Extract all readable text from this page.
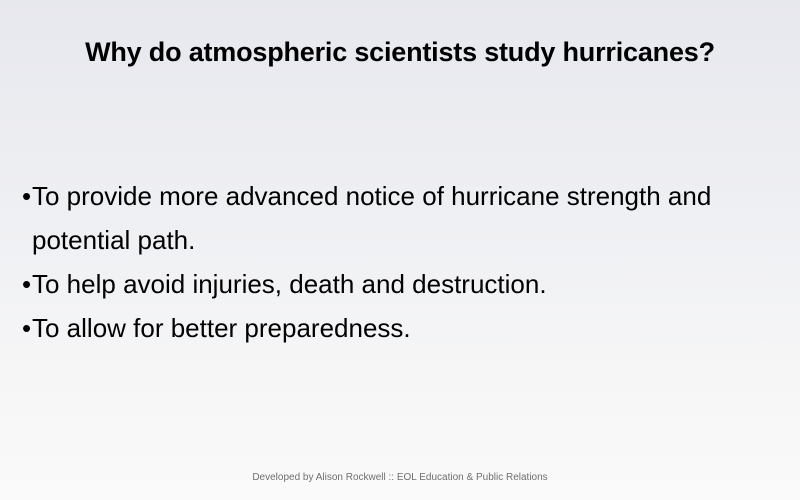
Why do atmospheric scientists study hurricanes?
• To provide more advanced notice of hurricane strength and potential path.
• To help avoid injuries, death and destruction.
• To allow for better preparedness.
Developed by Alison Rockwell :: EOL Education & Public Relations
